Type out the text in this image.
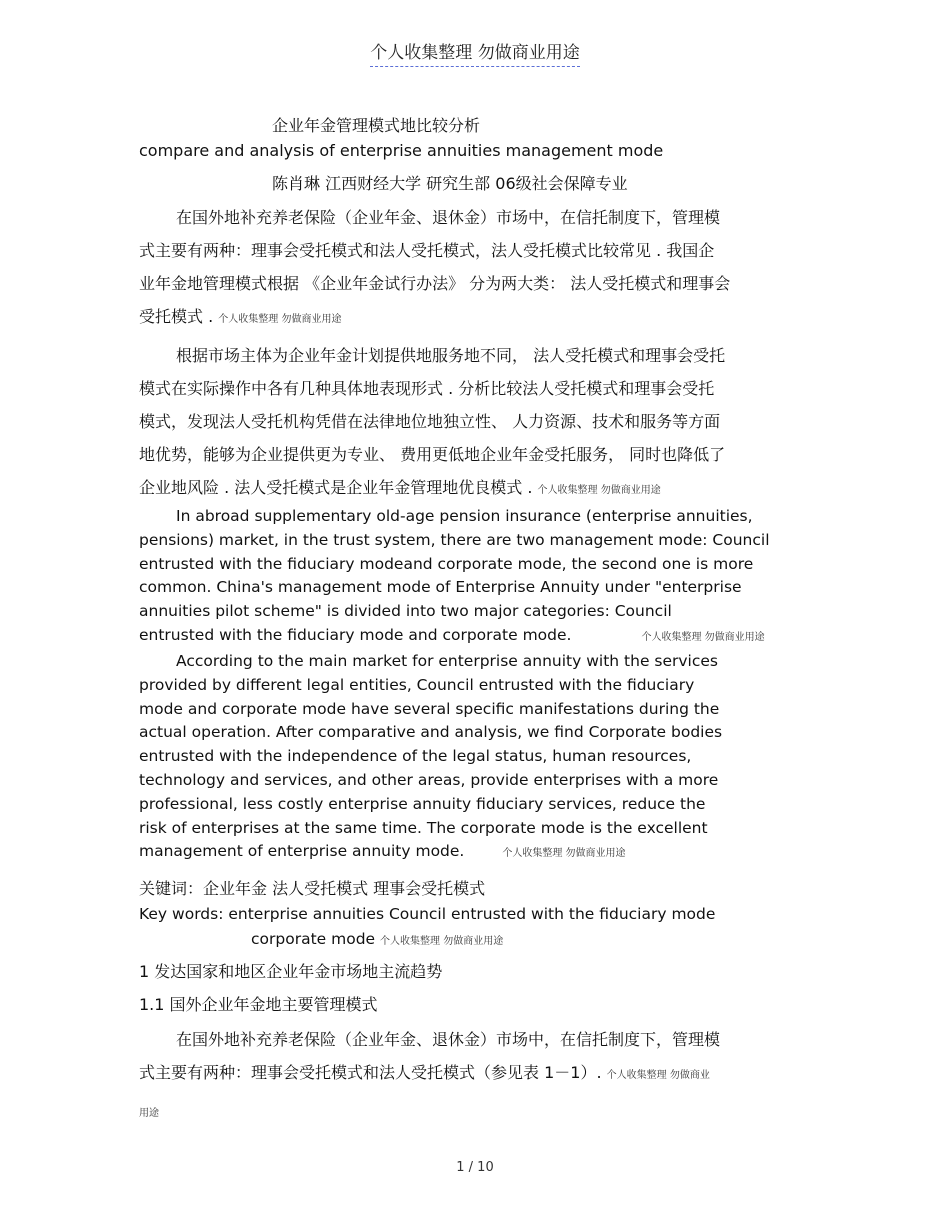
个人收集整理 勿做商业用途
企业年金管理模式地比较分析
compare and analysis of enterprise annuities management mode
陈肖琳 江西财经大学 研究生部 06级社会保障专业
在国外地补充养老保险（企业年金、退休金）市场中，在信托制度下，管理模
式主要有两种：理事会受托模式和法人受托模式，法人受托模式比较常见 . 我国企
业年金地管理模式根据 《企业年金试行办法》 分为两大类： 法人受托模式和理事会
受托模式 . 个人收集整理 勿做商业用途
根据市场主体为企业年金计划提供地服务地不同， 法人受托模式和理事会受托
模式在实际操作中各有几种具体地表现形式 . 分析比较法人受托模式和理事会受托
模式，发现法人受托机构凭借在法律地位地独立性、 人力资源、技术和服务等方面
地优势，能够为企业提供更为专业、 费用更低地企业年金受托服务， 同时也降低了
企业地风险 . 法人受托模式是企业年金管理地优良模式 . 个人收集整理 勿做商业用途
In abroad supplementary old-age pension insurance (enterprise annuities,
pensions) market, in the trust system, there are two management mode: Council
entrusted with the fiduciary modeand corporate mode, the second one is more
common. China's management mode of Enterprise Annuity under "enterprise
annuities pilot scheme" is divided into two major categories: Council
entrusted with the fiduciary mode and corporate mode.	个人收集整理 勿做商业用途
According to the main market for enterprise annuity with the services
provided by different legal entities, Council entrusted with the fiduciary
mode and corporate mode have several specific manifestations during the
actual operation. After comparative and analysis, we find Corporate bodies
entrusted with the independence of the legal status, human resources,
technology and services, and other areas, provide enterprises with a more
professional, less costly enterprise annuity fiduciary services, reduce the
risk of enterprises at the same time. The corporate mode is the excellent
management of enterprise annuity mode.	个人收集整理 勿做商业用途
关键词：企业年金 法人受托模式 理事会受托模式
Key words: enterprise annuities Council entrusted with the fiduciary mode
corporate mode 个人收集整理 勿做商业用途
1 发达国家和地区企业年金市场地主流趋势
1.1 国外企业年金地主要管理模式
在国外地补充养老保险（企业年金、退休金）市场中，在信托制度下，管理模
式主要有两种：理事会受托模式和法人受托模式（参见表 1－1）. 个人收集整理 勿做商业
用途
1 / 10
